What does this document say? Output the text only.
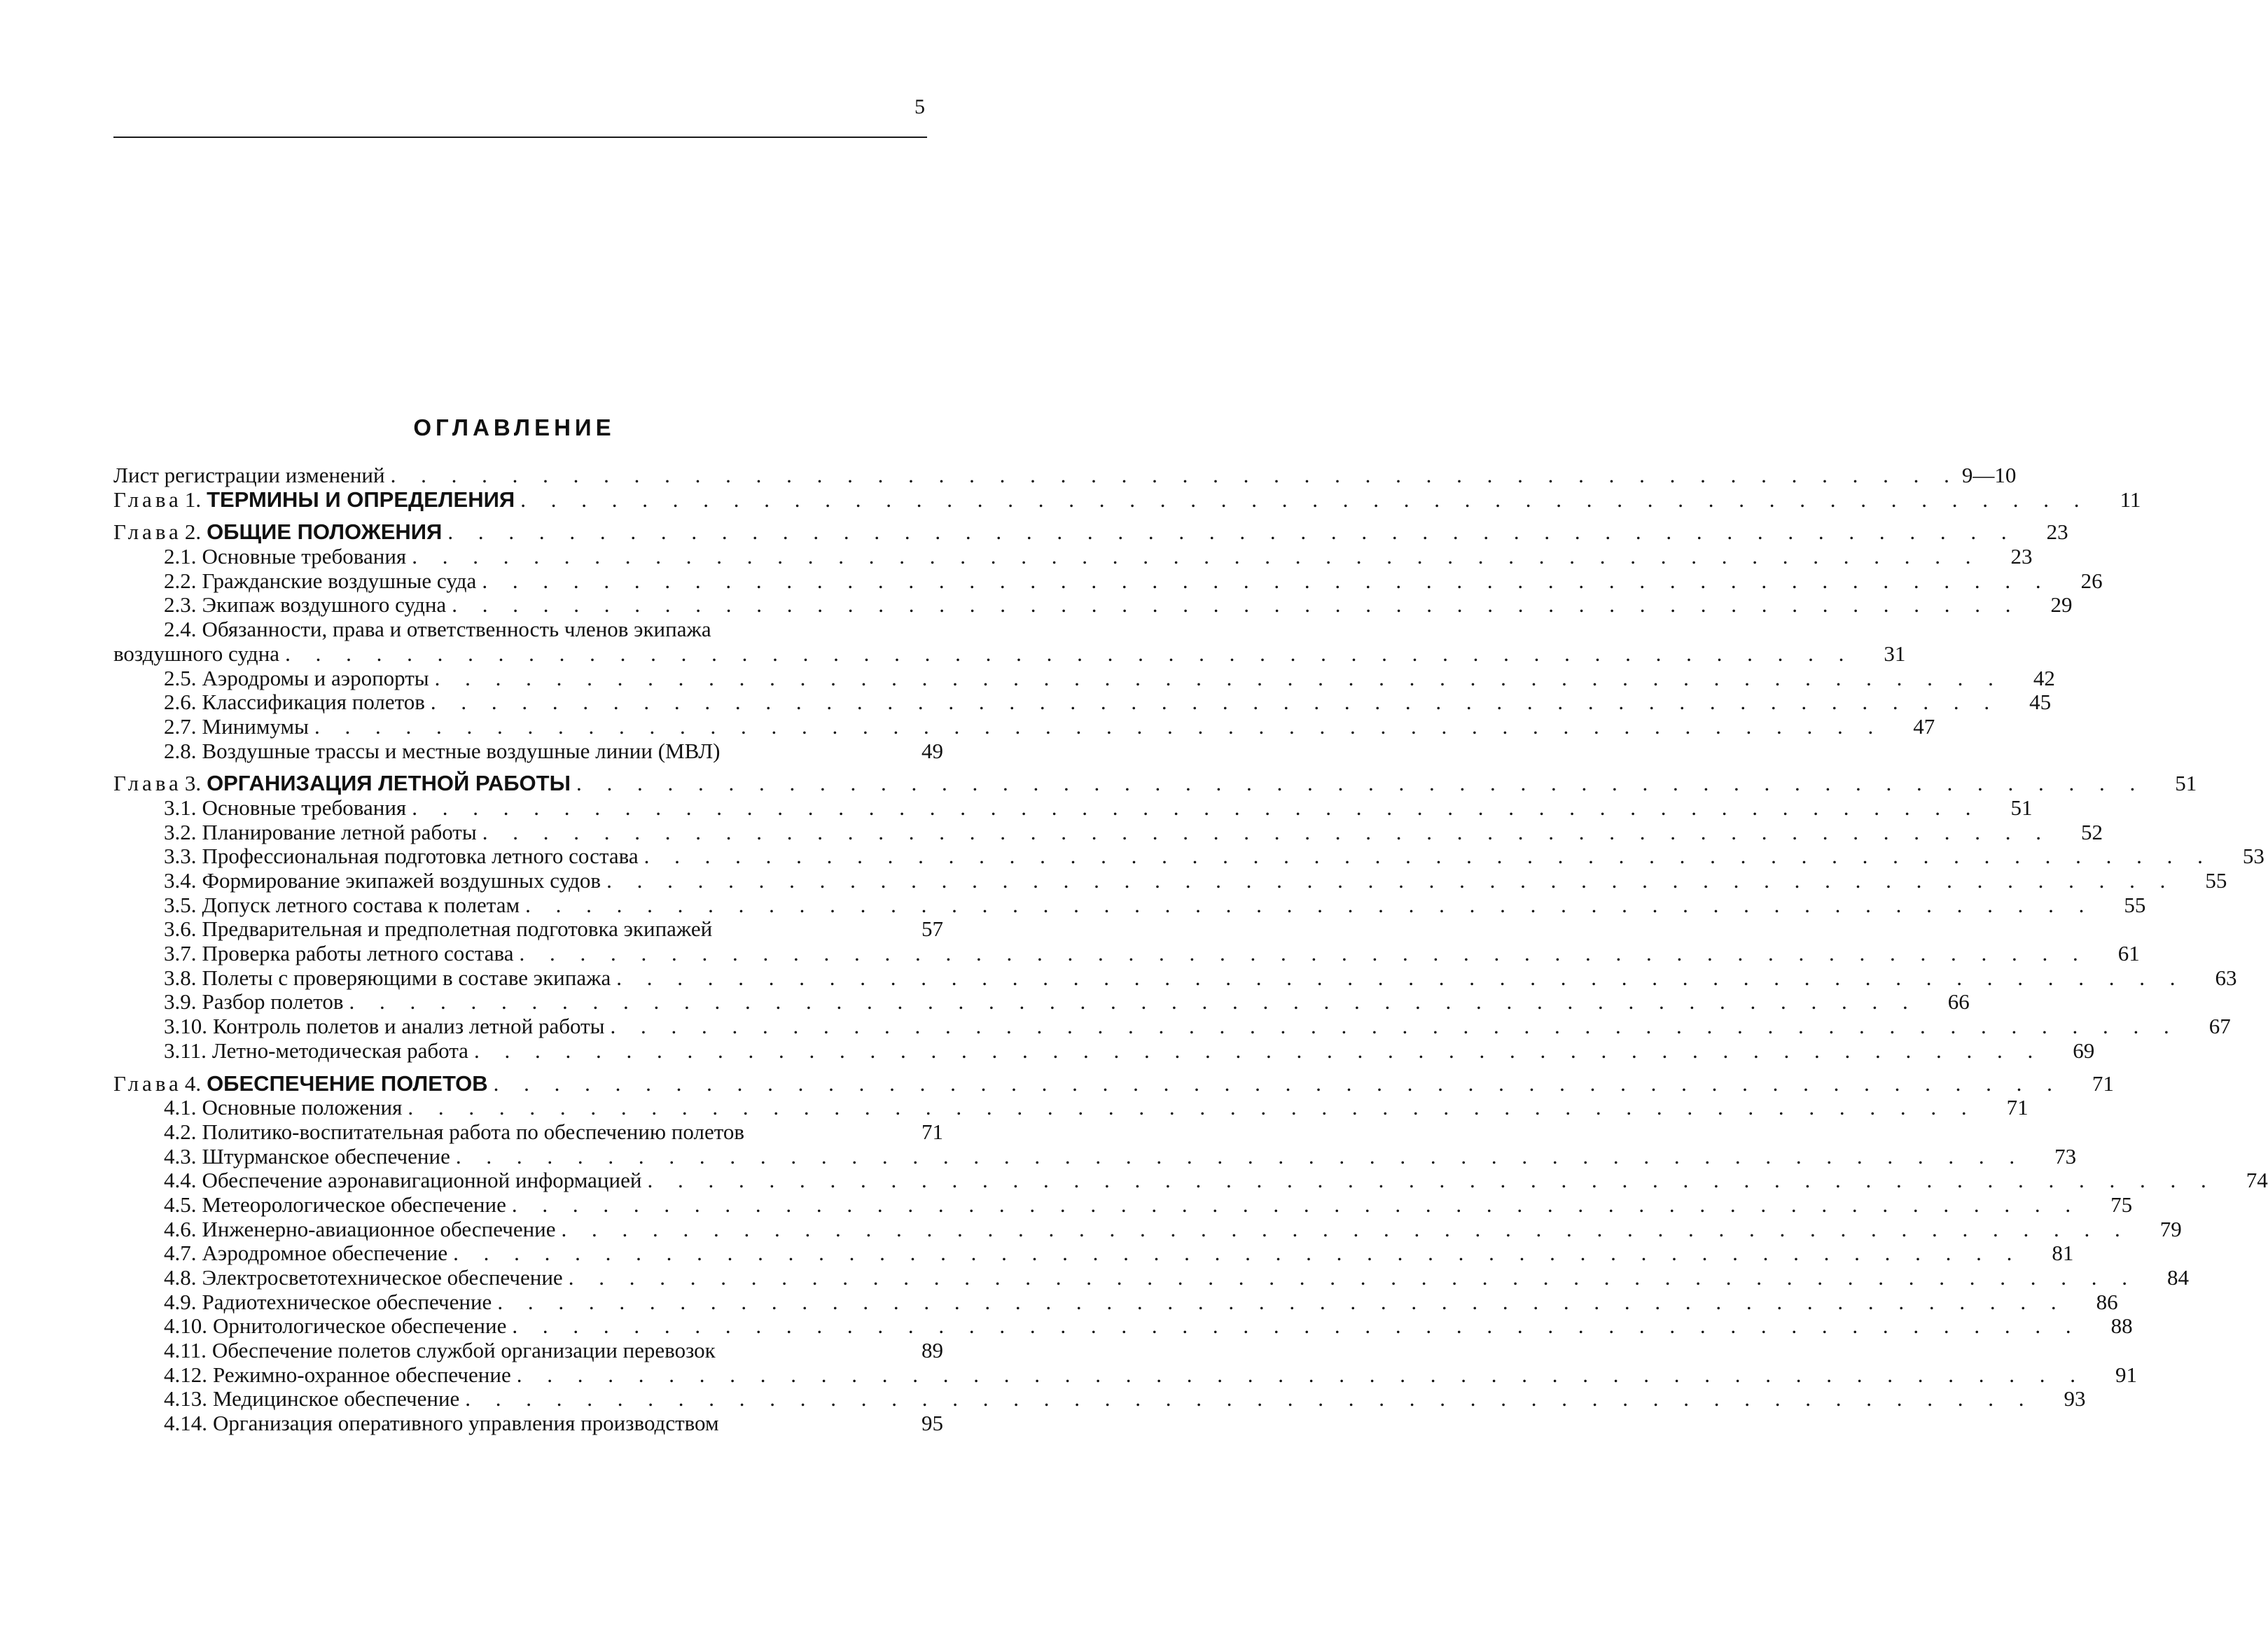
5
ОГЛАВЛЕНИЕ
Лист регистрации изменений . . .	9—10
Глава 1. ТЕРМИНЫ И ОПРЕДЕЛЕНИЯ . . .	11
Глава 2. ОБЩИЕ ПОЛОЖЕНИЯ . . .	23
2.1. Основные требования . . .	23
2.2. Гражданские воздушные суда . . .	26
2.3. Экипаж воздушного судна . . .	29
2.4. Обязанности, права и ответственность членов экипажа
воздушного судна . . .	31
2.5. Аэродромы и аэропорты . . .	42
2.6. Классификация полетов . . .	45
2.7. Минимумы . . .	47
2.8. Воздушные трассы и местные воздушные линии (МВЛ)	49
Глава 3. ОРГАНИЗАЦИЯ ЛЕТНОЙ РАБОТЫ . . .	51
3.1. Основные требования . . .	51
3.2. Планирование летной работы . . .	52
3.3. Профессиональная подготовка летного состава . . .	53
3.4. Формирование экипажей воздушных судов . . .	55
3.5. Допуск летного состава к полетам . . .	55
3.6. Предварительная и предполетная подготовка экипажей	57
3.7. Проверка работы летного состава . . .	61
3.8. Полеты с проверяющими в составе экипажа . . .	63
3.9. Разбор полетов . . .	66
3.10. Контроль полетов и анализ летной работы . . .	67
3.11. Летно-методическая работа . . .	69
Глава 4. ОБЕСПЕЧЕНИЕ ПОЛЕТОВ . . .	71
4.1. Основные положения . . .	71
4.2. Политико-воспитательная работа по обеспечению полетов	71
4.3. Штурманское обеспечение . . .	73
4.4. Обеспечение аэронавигационной информацией . . .	74
4.5. Метеорологическое обеспечение . . .	75
4.6. Инженерно-авиационное обеспечение . . .	79
4.7. Аэродромное обеспечение . . .	81
4.8. Электросветотехническое обеспечение . . .	84
4.9. Радиотехническое обеспечение . . .	86
4.10. Орнитологическое обеспечение . . .	88
4.11. Обеспечение полетов службой организации перевозок	89
4.12. Режимно-охранное обеспечение . . .	91
4.13. Медицинское обеспечение . . .	93
4.14. Организация оперативного управления производством	95
